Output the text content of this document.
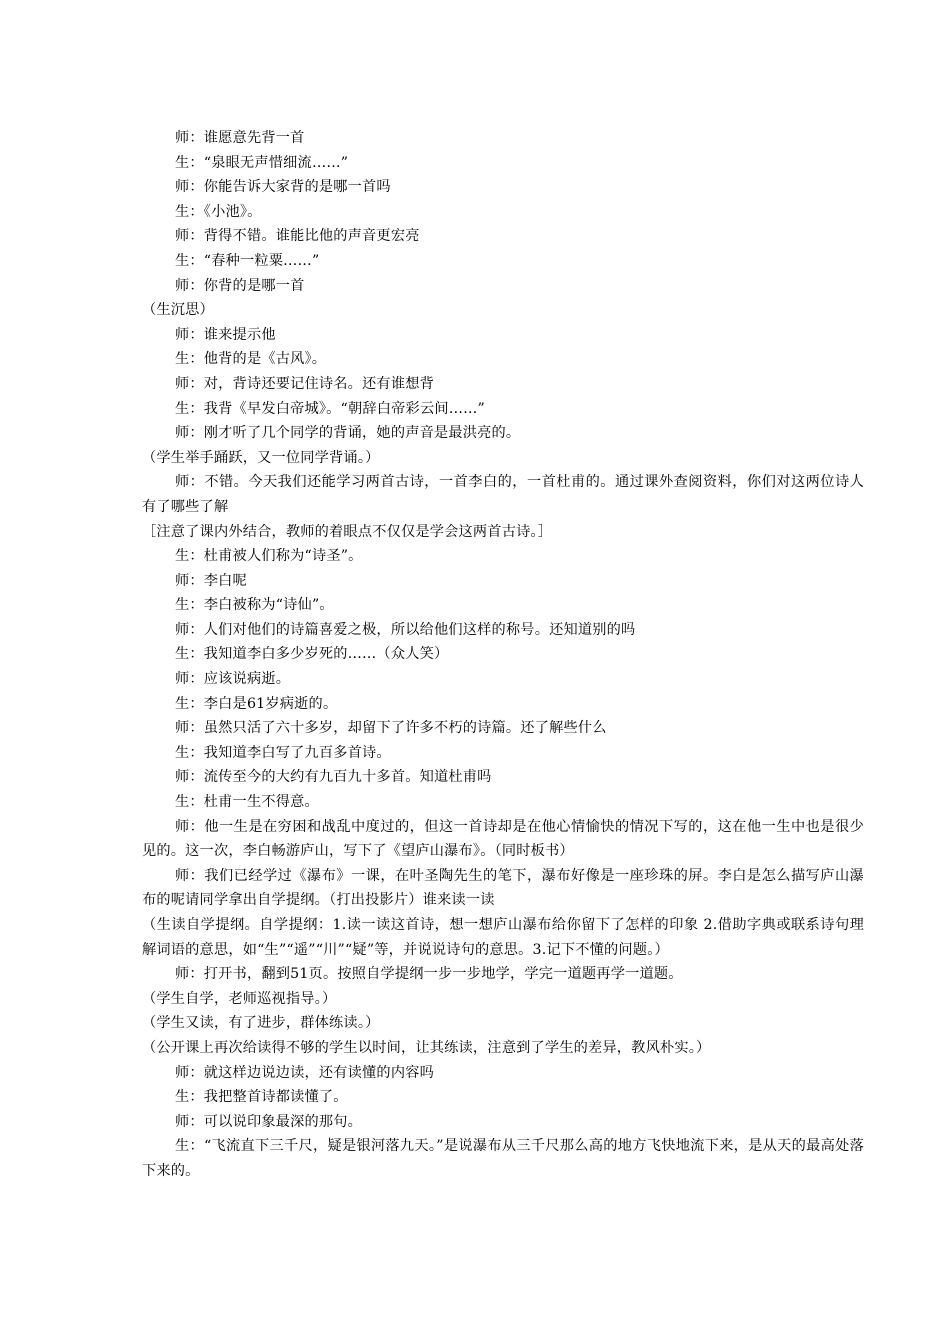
师：谁愿意先背一首

生：“泉眼无声惜细流……”

师：你能告诉大家背的是哪一首吗

生：《小池》。

师：背得不错。谁能比他的声音更宏亮

生：“春种一粒粟……”

师：你背的是哪一首

（生沉思）

师：谁来提示他

生：他背的是《古风》。

师：对，背诗还要记住诗名。还有谁想背

生：我背《早发白帝城》。“朝辞白帝彩云间……”

师：刚才听了几个同学的背诵，她的声音是最洪亮的。

（学生举手踊跃，又一位同学背诵。）

师：不错。今天我们还能学习两首古诗，一首李白的，一首杜甫的。通过课外查阅资料，你们对这两位诗人有了哪些了解

［注意了课内外结合，教师的着眼点不仅仅是学会这两首古诗。］

生：杜甫被人们称为“诗圣”。

师：李白呢

生：李白被称为“诗仙”。

师：人们对他们的诗篇喜爱之极，所以给他们这样的称号。还知道别的吗

生：我知道李白多少岁死的……（众人笑）

师：应该说病逝。

生：李白是61岁病逝的。

师：虽然只活了六十多岁，却留下了许多不朽的诗篇。还了解些什么

生：我知道李白写了九百多首诗。

师：流传至今的大约有九百九十多首。知道杜甫吗

生：杜甫一生不得意。

师：他一生是在穷困和战乱中度过的，但这一首诗却是在他心情愉快的情况下写的，这在他一生中也是很少见的。这一次，李白畅游庐山，写下了《望庐山瀑布》。（同时板书）

师：我们已经学过《瀑布》一课，在叶圣陶先生的笔下，瀑布好像是一座珍珠的屏。李白是怎么描写庐山瀑布的呢请同学拿出自学提纲。（打出投影片）谁来读一读

（生读自学提纲。自学提纲：1.读一读这首诗，想一想庐山瀑布给你留下了怎样的印象 2.借助字典或联系诗句理解词语的意思，如“生”“遥”“川”“疑”等，并说说诗句的意思。3.记下不懂的问题。）

师：打开书，翻到51页。按照自学提纲一步一步地学，学完一道题再学一道题。

（学生自学，老师巡视指导。）

（学生又读，有了进步，群体练读。）

（公开课上再次给读得不够的学生以时间，让其练读，注意到了学生的差异，教风朴实。）

师：就这样边说边读，还有读懂的内容吗

生：我把整首诗都读懂了。

师：可以说印象最深的那句。

生：“飞流直下三千尺，疑是银河落九天。”是说瀑布从三千尺那么高的地方飞快地流下来，是从天的最高处落下来的。
